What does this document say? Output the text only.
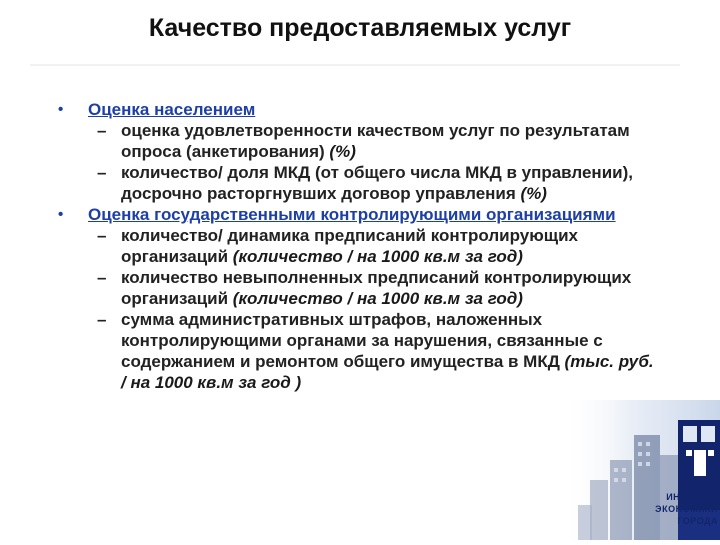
Качество предоставляемых услуг
• Оценка населением
– оценка удовлетворенности качеством услуг по результатам опроса (анкетирования) (%)
– количество/ доля МКД (от общего числа МКД в управлении), досрочно расторгнувших договор управления (%)
• Оценка государственными контролирующими организациями
– количество/ динамика предписаний контролирующих организаций (количество / на 1000 кв.м за год)
– количество невыполненных предписаний контролирующих организаций (количество / на 1000 кв.м за год)
– сумма административных штрафов, наложенных контролирующими органами за нарушения, связанные с содержанием и ремонтом общего имущества в МКД (тыс. руб. / на 1000 кв.м за год )
ИНСТИТУТ
ЭКОНОМИКИ
ГОРОДА
